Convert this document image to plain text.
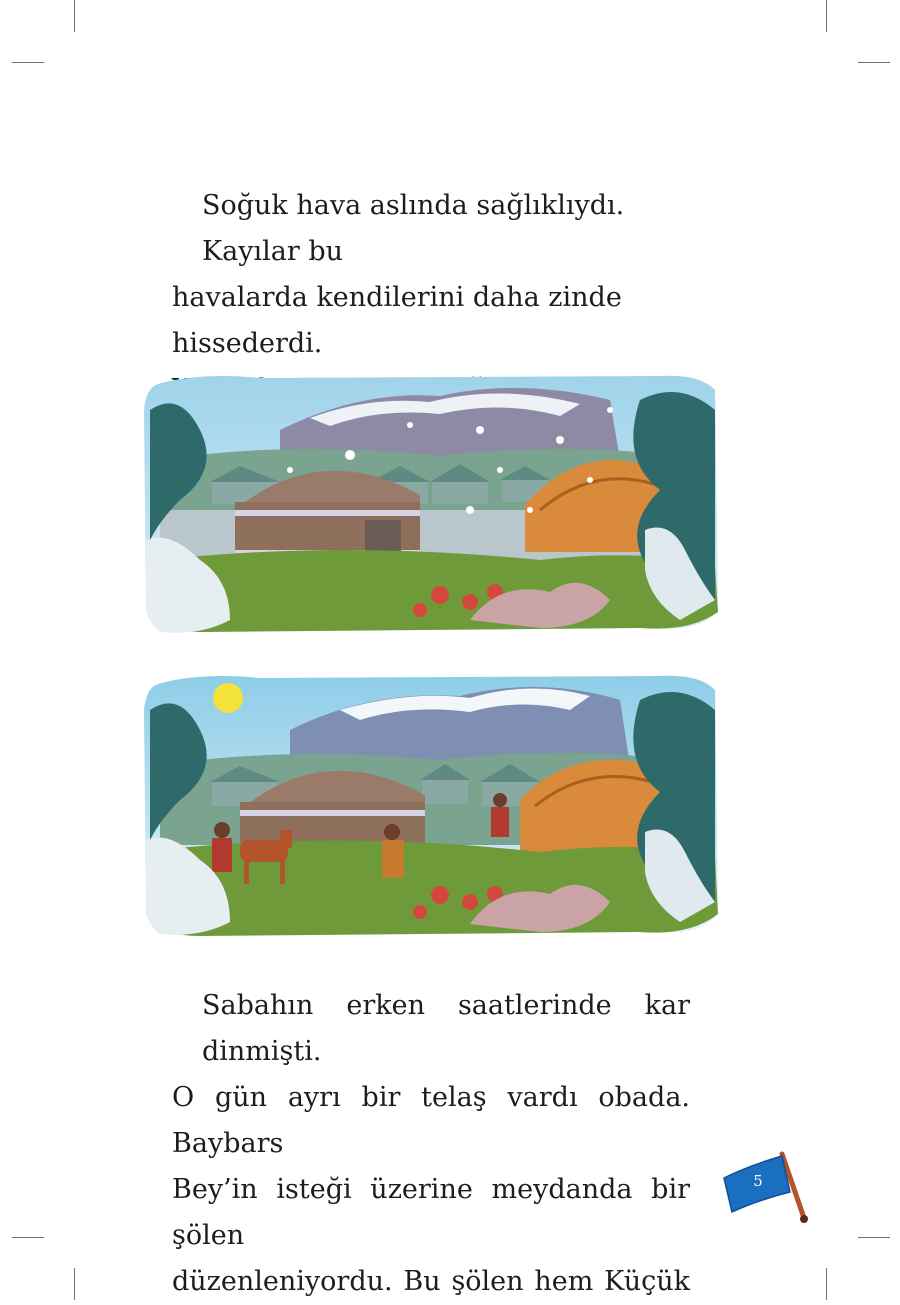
Soğuk hava aslında sağlıklıydı. Kayılar bu
havalarda kendilerini daha zinde hissederdi.

Sabahın erken saatlerinde kar dinmişti.
O gün ayrı bir telaş vardı obada. Baybars
Bey’in isteği üzerine meydanda bir şölen
düzenleniyordu. Bu şölen hem Küçük

5
